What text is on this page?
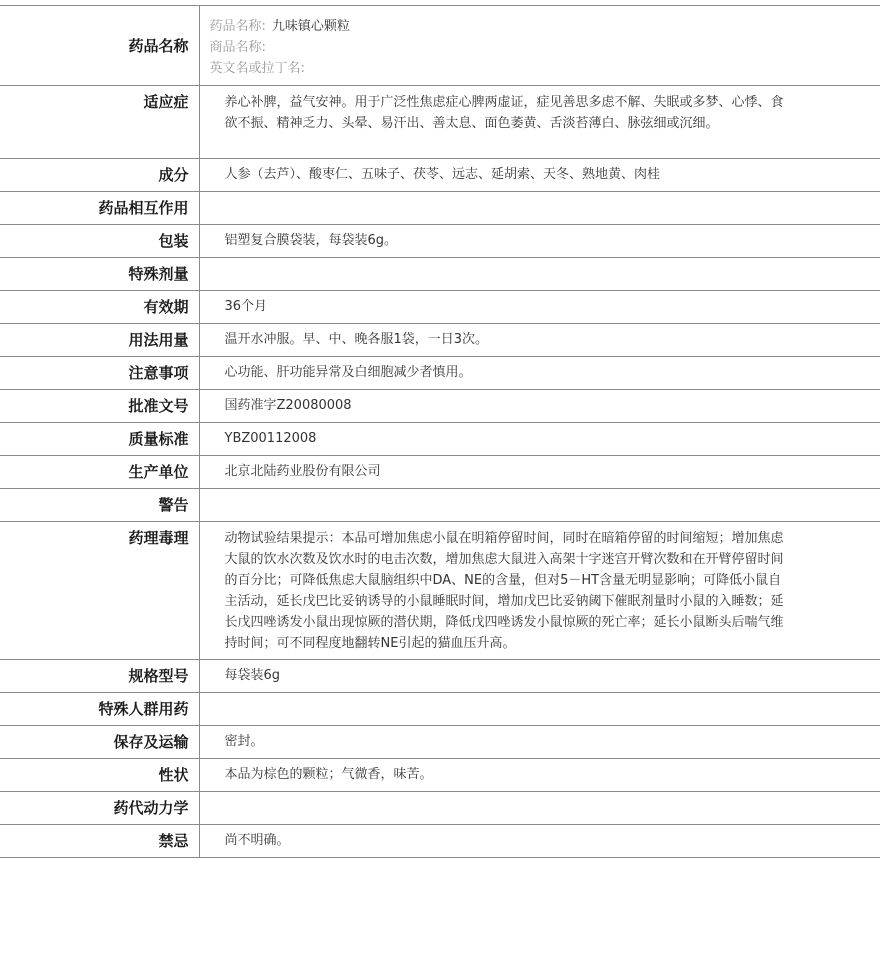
药品名称	药品名称: 九味镇心颗粒
商品名称:
英文名或拉丁名:

适应症	养心补脾，益气安神。用于广泛性焦虑症心脾两虚证，症见善思多虑不解、失眠或多梦、心悸、食欲不振、精神乏力、头晕、易汗出、善太息、面色萎黄、舌淡苔薄白、脉弦细或沉细。
成分	人参（去芦）、酸枣仁、五味子、茯苓、远志、延胡索、天冬、熟地黄、肉桂
药品相互作用	
包装	铝塑复合膜袋装，每袋装6g。
特殊剂量	
有效期	36个月
用法用量	温开水冲服。早、中、晚各服1袋，一日3次。
注意事项	心功能、肝功能异常及白细胞减少者慎用。
批准文号	国药准字Z20080008
质量标准	YBZ00112008
生产单位	北京北陆药业股份有限公司
警告	
药理毒理	动物试验结果提示：本品可增加焦虑小鼠在明箱停留时间，同时在暗箱停留的时间缩短；增加焦虑大鼠的饮水次数及饮水时的电击次数，增加焦虑大鼠进入高架十字迷宫开臂次数和在开臂停留时间的百分比；可降低焦虑大鼠脑组织中DA、NE的含量，但对5－HT含量无明显影响；可降低小鼠自主活动，延长戊巴比妥钠诱导的小鼠睡眠时间，增加戊巴比妥钠阈下催眠剂量时小鼠的入睡数；延长戊四唑诱发小鼠出现惊厥的潜伏期，降低戊四唑诱发小鼠惊厥的死亡率；延长小鼠断头后喘气维持时间；可不同程度地翻转NE引起的猫血压升高。
规格型号	每袋装6g
特殊人群用药	
保存及运输	密封。
性状	本品为棕色的颗粒；气微香，味苦。
药代动力学	
禁忌	尚不明确。
